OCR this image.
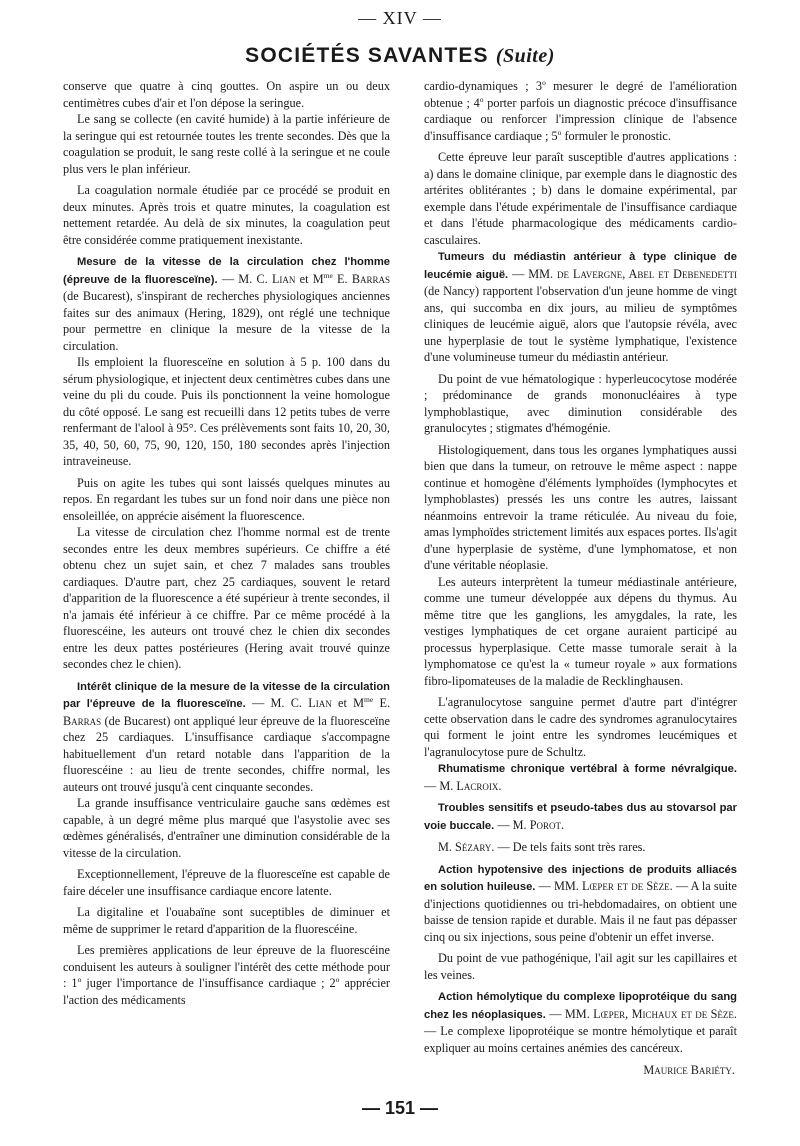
— XIV —
SOCIÉTÉS SAVANTES (Suite)

conserve que quatre à cinq gouttes. On aspire un ou deux centimètres cubes d'air et l'on dépose la seringue.

Le sang se collecte (en cavité humide) à la partie inférieure de la seringue qui est retournée toutes les trente secondes. Dès que la coagulation se produit, le sang reste collé à la seringue et ne coule plus vers le plan inférieur.

La coagulation normale étudiée par ce procédé se produit en deux minutes. Après trois et quatre minutes, la coagulation est nettement retardée. Au delà de six minutes, la coagulation peut être considérée comme pratiquement inexistante.

Mesure de la vitesse de la circulation chez l'homme (épreuve de la fluoresceïne). — M. C. Lian et $M^{me}$ E. Barras (de Bucarest), s'inspirant de recherches physiologiques anciennes faites sur des animaux (Hering, 1829), ont réglé une technique pour permettre en clinique la mesure de la vitesse de la circulation.

Ils emploient la fluoresceïne en solution à 5 p. 100 dans du sérum physiologique, et injectent deux centimètres cubes dans une veine du pli du coude. Puis ils ponctionnent la veine homologue du côté opposé. Le sang est recueilli dans 12 petits tubes de verre renfermant de l'alool à 95°. Ces prélèvements sont faits 10, 20, 30, 35, 40, 50, 60, 75, 90, 120, 150, 180 secondes après l'injection intraveineuse.

Puis on agite les tubes qui sont laissés quelques minutes au repos. En regardant les tubes sur un fond noir dans une pièce non ensoleillée, on apprécie aisément la fluorescence.

La vitesse de circulation chez l'homme normal est de trente secondes entre les deux membres supérieurs. Ce chiffre a été obtenu chez un sujet sain, et chez 7 malades sans troubles cardiaques. D'autre part, chez 25 cardiaques, souvent le retard d'apparition de la fluorescence a été supérieur à trente secondes, il n'a jamais été inférieur à ce chiffre. Par ce même procédé à la fluorescéine, les auteurs ont trouvé chez le chien dix secondes entre les deux pattes postérieures (Hering avait trouvé quinze secondes chez le chien).

Intérêt clinique de la mesure de la vitesse de la circulation par l'épreuve de la fluoresceïne. — M. C. Lian et $M^{me}$ E. Barras (de Bucarest) ont appliqué leur épreuve de la fluoresceïne chez 25 cardiaques. L'insuffisance cardiaque s'accompagne habituellement d'un retard notable dans l'apparition de la fluorescéine : au lieu de trente secondes, chiffre normal, les auteurs ont trouvé jusqu'à cent cinquante secondes.

La grande insuffisance ventriculaire gauche sans œdèmes est capable, à un degré même plus marqué que l'asystolie avec ses œdèmes généralisés, d'entraîner une diminution considérable de la vitesse de la circulation.

Exceptionnellement, l'épreuve de la fluoresceïne est capable de faire déceler une insuffisance cardiaque encore latente.

La digitaline et l'ouabaïne sont suceptibles de diminuer et même de supprimer le retard d'apparition de la fluorescéine.

Les premières applications de leur épreuve de la fluorescéine conduisent les auteurs à souligner l'intérêt des cette méthode pour : 1$^o$ juger l'importance de l'insuffisance cardiaque ; 2$^o$ apprécier l'action des médicaments

cardio-dynamiques ; 3$^o$ mesurer le degré de l'amélioration obtenue ; 4$^o$ porter parfois un diagnostic précoce d'insuffisance cardiaque ou renforcer l'impression clinique de l'absence d'insuffisance cardiaque ; 5$^o$ formuler le pronostic.

Cette épreuve leur paraît susceptible d'autres applications : a) dans le domaine clinique, par exemple dans le diagnostic des artérites oblitérantes ; b) dans le domaine expérimental, par exemple dans l'étude expérimentale de l'insuffisance cardiaque et dans l'étude pharmacologique des médicaments cardio-casculaires.

Tumeurs du médiastin antérieur à type clinique de leucémie aiguë. — MM. de Lavergne, Abel et Debenedetti (de Nancy) rapportent l'observation d'un jeune homme de vingt ans, qui succomba en dix jours, au milieu de symptômes cliniques de leucémie aiguë, alors que l'autopsie révéla, avec une hyperplasie de tout le système lymphatique, l'existence d'une volumineuse tumeur du médiastin antérieur.

Du point de vue hématologique : hyperleucocytose modérée ; prédominance de grands mononucléaires à type lymphoblastique, avec diminution considérable des granulocytes ; stigmates d'hémogénie.

Histologiquement, dans tous les organes lymphatiques aussi bien que dans la tumeur, on retrouve le même aspect : nappe continue et homogène d'éléments lymphoïdes (lymphocytes et lymphoblastes) pressés les uns contre les autres, laissant néanmoins entrevoir la trame réticulée. Au niveau du foie, amas lymphoïdes strictement limités aux espaces portes. Ils'agit d'une hyperplasie de système, d'une lymphomatose, et non d'une véritable néoplasie.

Les auteurs interprètent la tumeur médiastinale antérieure, comme une tumeur développée aux dépens du thymus. Au même titre que les ganglions, les amygdales, la rate, les vestiges lymphatiques de cet organe auraient participé au processus hyperplasique. Cette masse tumorale serait à la lymphomatose ce qu'est la « tumeur royale » aux formations fibro-lipomateuses de la maladie de Recklinghausen.

L'agranulocytose sanguine permet d'autre part d'intégrer cette observation dans le cadre des syndromes agranulocytaires qui forment le joint entre les syndromes leucémiques et l'agranulocytose pure de Schultz.

Rhumatisme chronique vertébral à forme névralgique. — M. Lacroix.

Troubles sensitifs et pseudo-tabes dus au stovarsol par voie buccale. — M. Porot.

M. Sézary. — De tels faits sont très rares.

Action hypotensive des injections de produits alliacés en solution huileuse. — MM. Lœper et de Sèze. — A la suite d'injections quotidiennes ou tri-hebdomadaires, on obtient une baisse de tension rapide et durable. Mais il ne faut pas dépasser cinq ou six injections, sous peine d'obtenir un effet inverse.

Du point de vue pathogénique, l'ail agit sur les capillaires et les veines.

Action hémolytique du complexe lipoprotéique du sang chez les néoplasiques. — MM. Lœper, Michaux et de Sèze. — Le complexe lipoprotéique se montre hémolytique et paraît expliquer au moins certaines anémies des cancéreux.

Maurice Bariéty.

— 151 —
